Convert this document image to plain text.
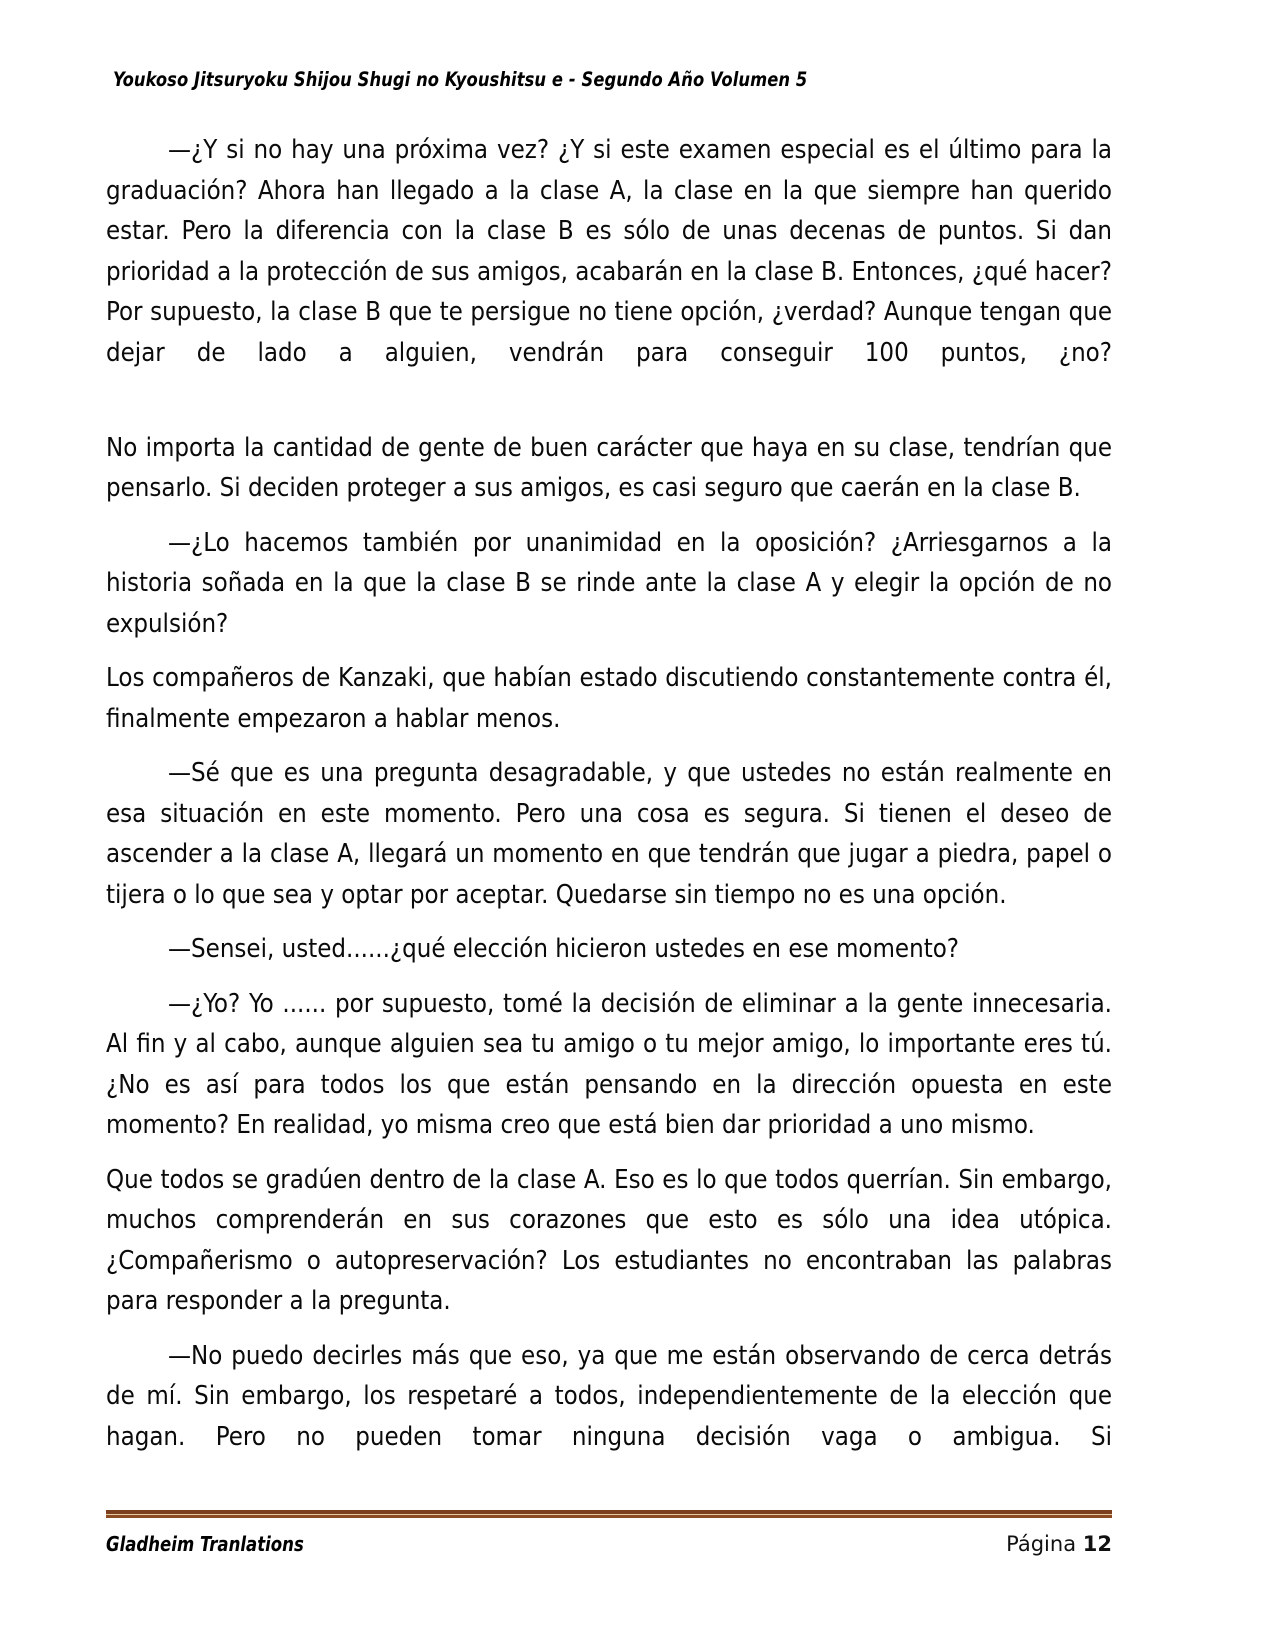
Youkoso Jitsuryoku Shijou Shugi no Kyoushitsu e - Segundo Año Volumen 5

—¿Y si no hay una próxima vez? ¿Y si este examen especial es el último para la graduación? Ahora han llegado a la clase A, la clase en la que siempre han querido estar. Pero la diferencia con la clase B es sólo de unas decenas de puntos. Si dan prioridad a la protección de sus amigos, acabarán en la clase B. Entonces, ¿qué hacer? Por supuesto, la clase B que te persigue no tiene opción, ¿verdad? Aunque tengan que dejar de lado a alguien, vendrán para conseguir 100 puntos, ¿no?

No importa la cantidad de gente de buen carácter que haya en su clase, tendrían que pensarlo. Si deciden proteger a sus amigos, es casi seguro que caerán en la clase B.

—¿Lo hacemos también por unanimidad en la oposición? ¿Arriesgarnos a la historia soñada en la que la clase B se rinde ante la clase A y elegir la opción de no expulsión?

Los compañeros de Kanzaki, que habían estado discutiendo constantemente contra él, finalmente empezaron a hablar menos.

—Sé que es una pregunta desagradable, y que ustedes no están realmente en esa situación en este momento. Pero una cosa es segura. Si tienen el deseo de ascender a la clase A, llegará un momento en que tendrán que jugar a piedra, papel o tijera o lo que sea y optar por aceptar. Quedarse sin tiempo no es una opción.

—Sensei, usted......¿qué elección hicieron ustedes en ese momento?

—¿Yo? Yo ...... por supuesto, tomé la decisión de eliminar a la gente innecesaria. Al fin y al cabo, aunque alguien sea tu amigo o tu mejor amigo, lo importante eres tú. ¿No es así para todos los que están pensando en la dirección opuesta en este momento? En realidad, yo misma creo que está bien dar prioridad a uno mismo.

Que todos se gradúen dentro de la clase A. Eso es lo que todos querrían. Sin embargo, muchos comprenderán en sus corazones que esto es sólo una idea utópica. ¿Compañerismo o autopreservación? Los estudiantes no encontraban las palabras para responder a la pregunta.

—No puedo decirles más que eso, ya que me están observando de cerca detrás de mí. Sin embargo, los respetaré a todos, independientemente de la elección que hagan. Pero no pueden tomar ninguna decisión vaga o ambigua. Si

Gladheim Tranlations	Página 12
